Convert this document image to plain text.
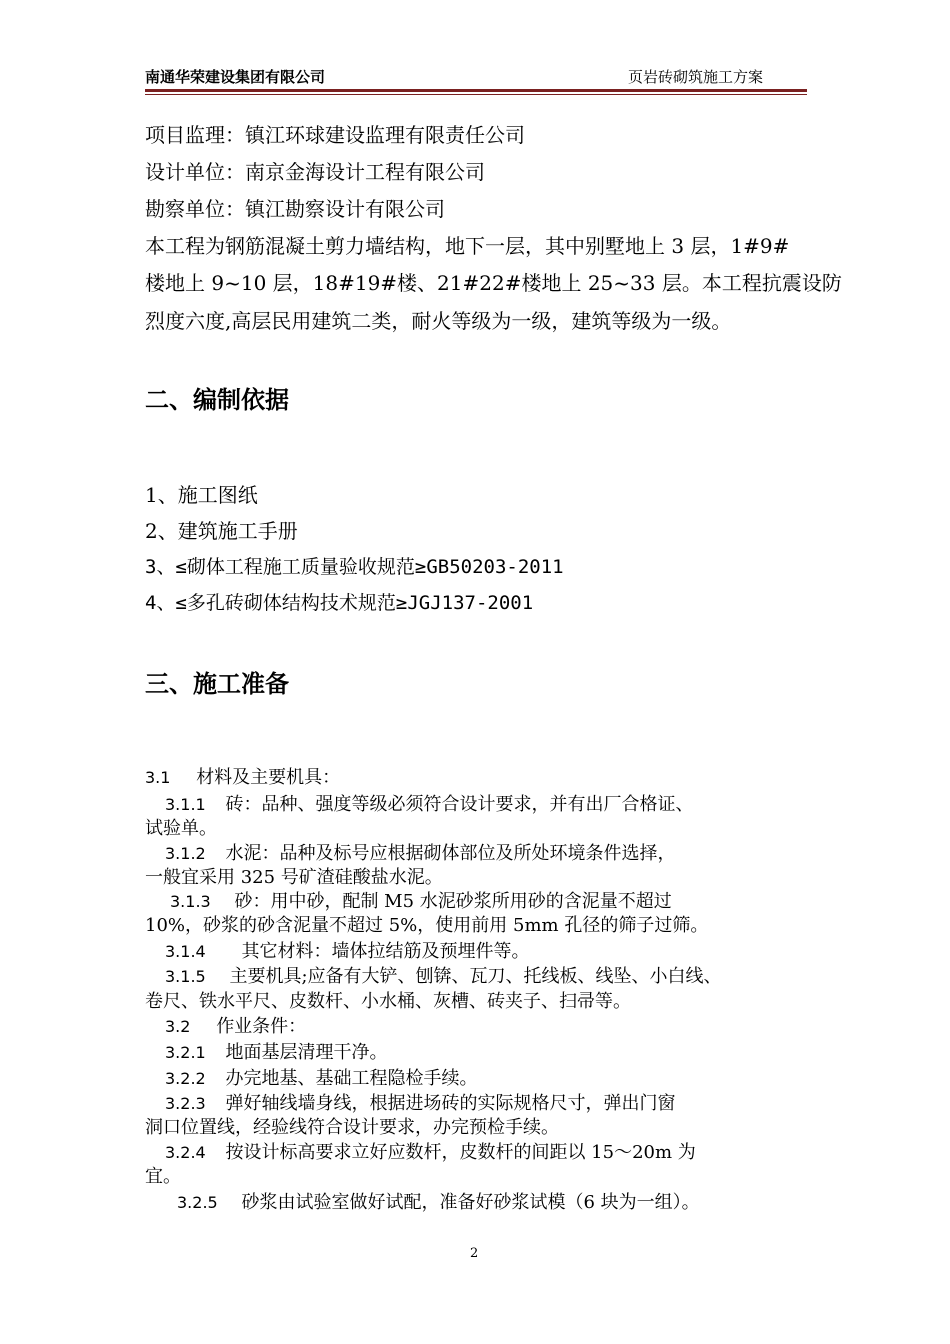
南通华荣建设集团有限公司	页岩砖砌筑施工方案
项目监理：镇江环球建设监理有限责任公司
设计单位：南京金海设计工程有限公司
勘察单位：镇江勘察设计有限公司
本工程为钢筋混凝土剪力墙结构，地下一层，其中别墅地上 3 层，1#9#
楼地上 9~10 层，18#19#楼、21#22#楼地上 25~33 层。本工程抗震设防
烈度六度,高层民用建筑二类，耐火等级为一级，建筑等级为一级。
二、编制依据
1、施工图纸
2、建筑施工手册
3、≤砌体工程施工质量验收规范≥GB50203-2011
4、≤多孔砖砌体结构技术规范≥JGJ137-2001
三、施工准备
3.1 材料及主要机具：
3.1.1 砖：品种、强度等级必须符合设计要求，并有出厂合格证、
试验单。
3.1.2 水泥：品种及标号应根据砌体部位及所处环境条件选择，
一般宜采用 325 号矿渣硅酸盐水泥。
3.1.3 砂：用中砂，配制 M5 水泥砂浆所用砂的含泥量不超过
10%，砂浆的砂含泥量不超过 5%，使用前用 5mm 孔径的筛子过筛。
3.1.4 其它材料：墙体拉结筋及预埋件等。
3.1.5 主要机具;应备有大铲、刨锛、瓦刀、托线板、线坠、小白线、
卷尺、铁水平尺、皮数杆、小水桶、灰槽、砖夹子、扫帚等。
3.2 作业条件：
3.2.1 地面基层清理干净。
3.2.2 办完地基、基础工程隐检手续。
3.2.3 弹好轴线墙身线，根据进场砖的实际规格尺寸，弹出门窗
洞口位置线，经验线符合设计要求，办完预检手续。
3.2.4 按设计标高要求立好应数杆，皮数杆的间距以 15～20m 为
宜。
3.2.5 砂浆由试验室做好试配，准备好砂浆试模（6 块为一组）。
2
